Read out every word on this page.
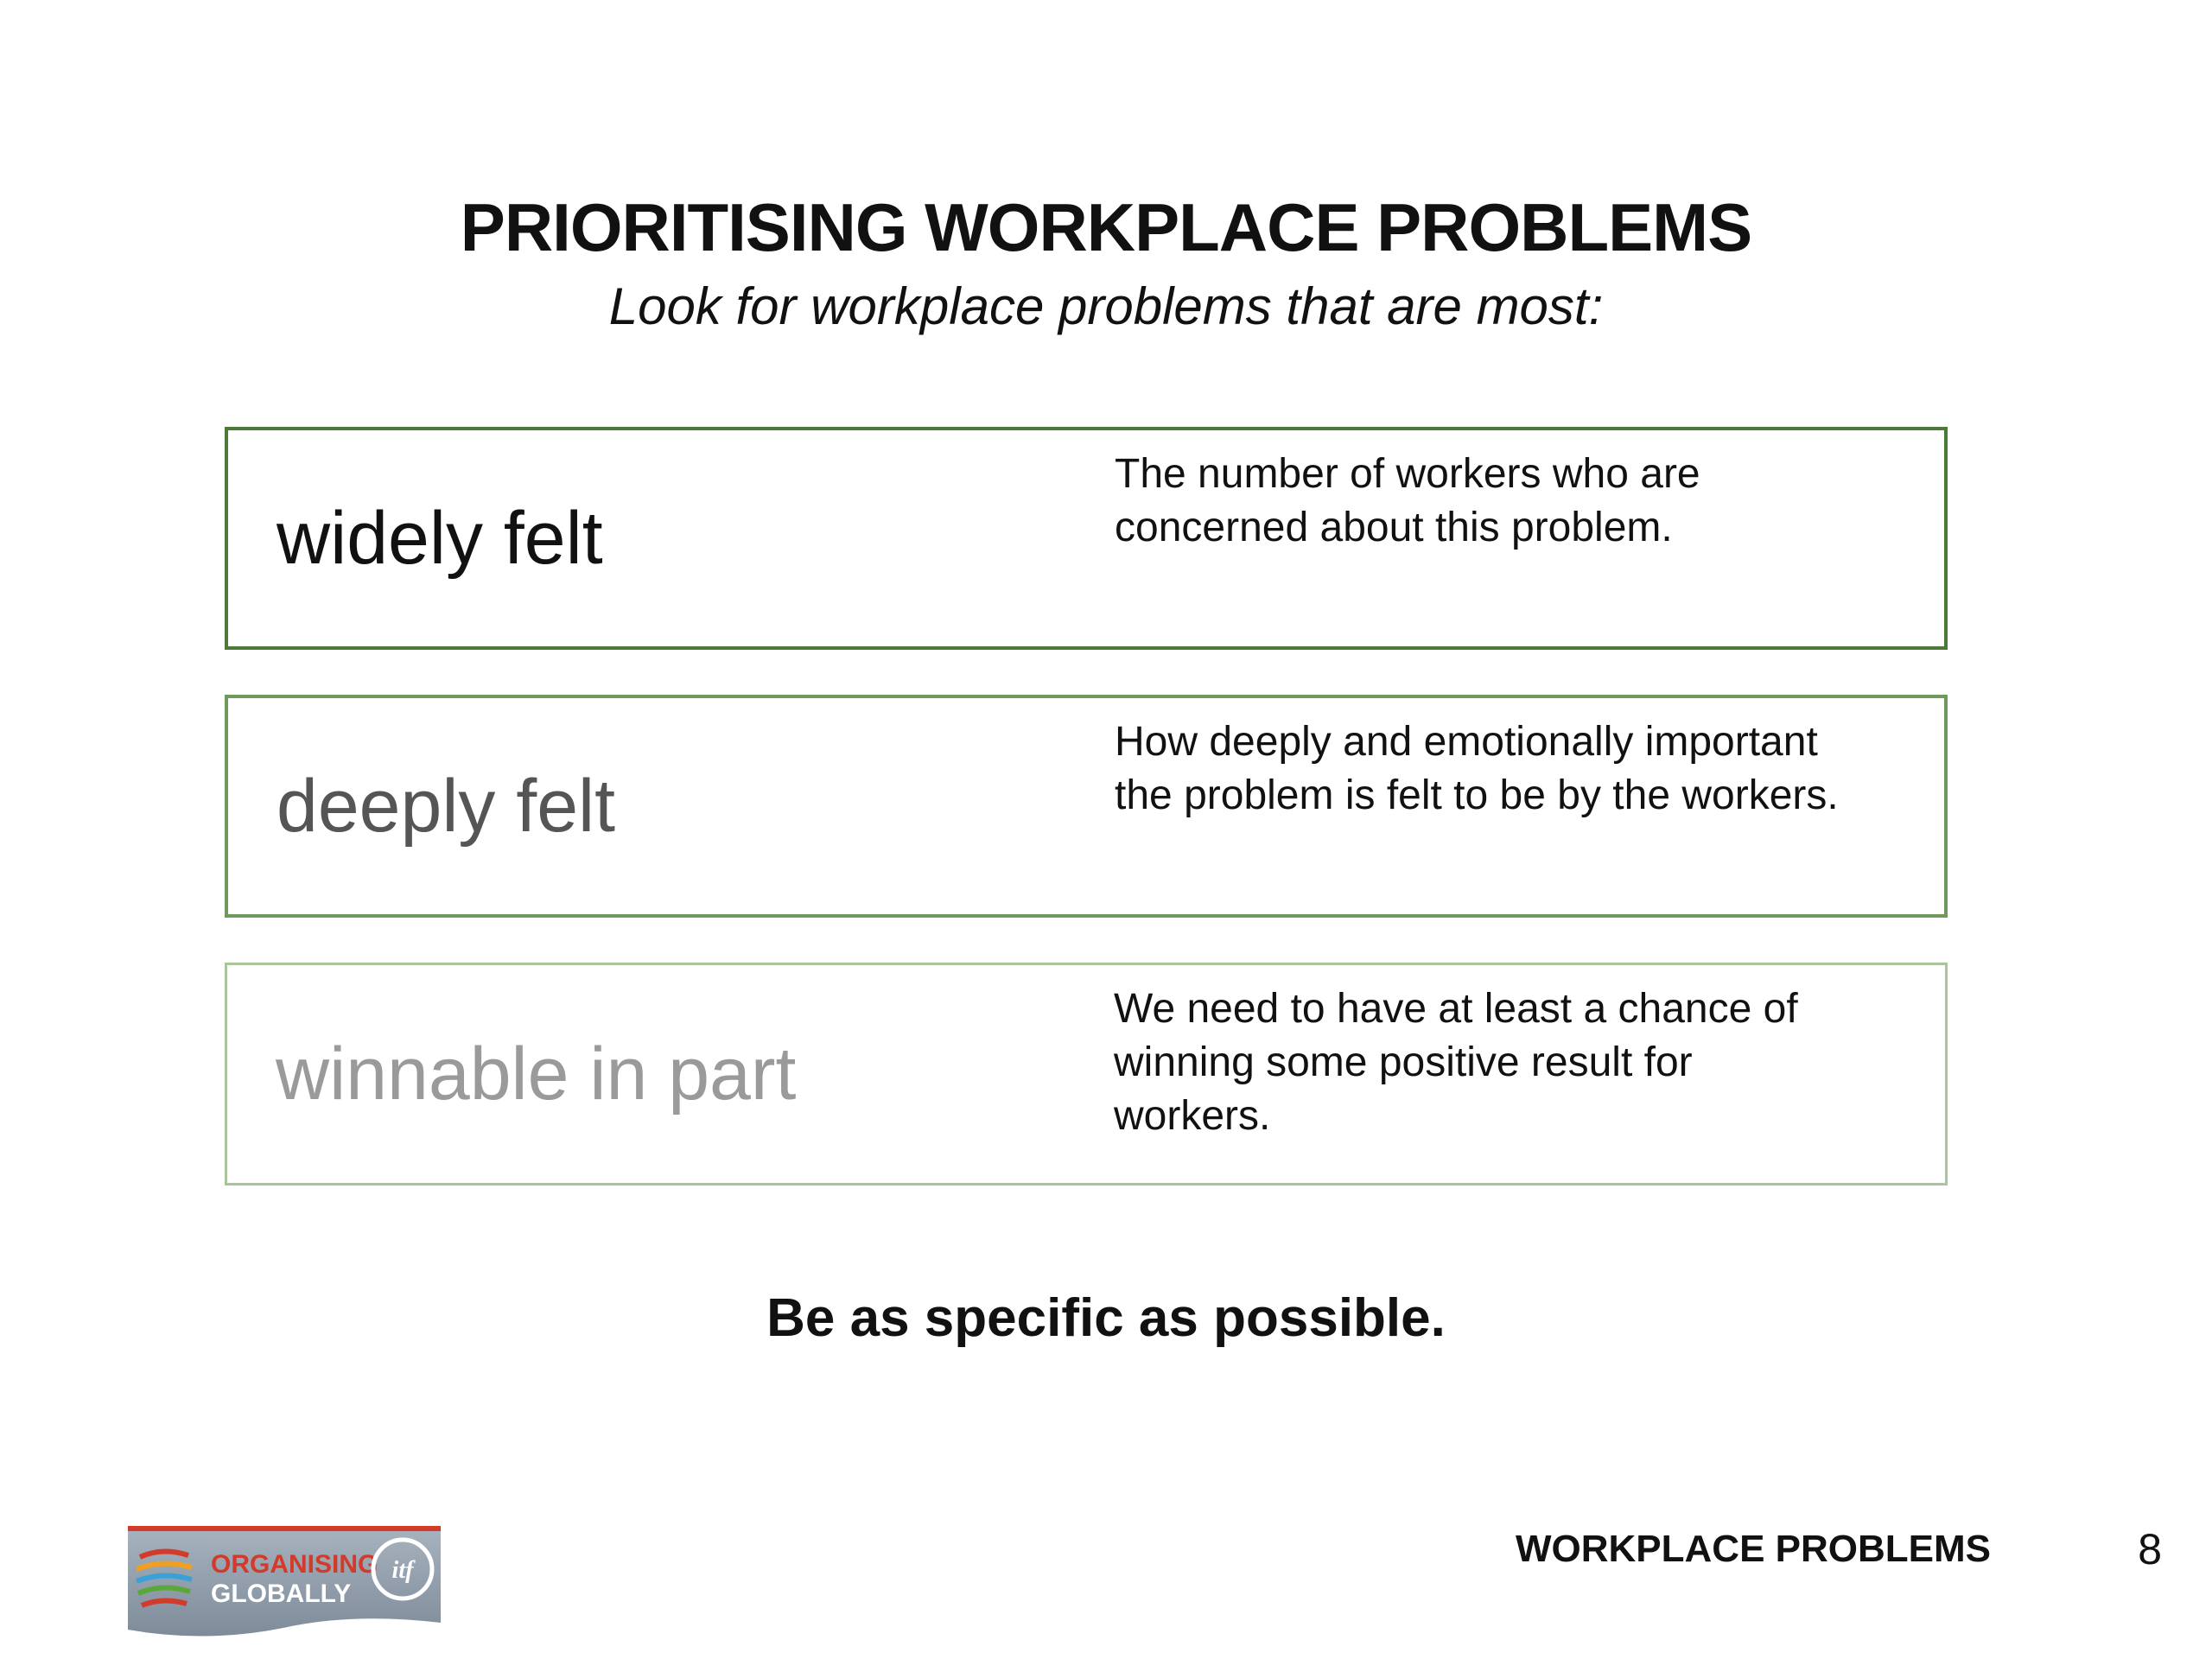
PRIORITISING WORKPLACE PROBLEMS
Look for workplace problems that are most:
widely felt
The number of workers who are concerned about this problem.
deeply felt
How deeply and emotionally important the problem is felt to be by the workers.
winnable in part
We need to have at least a chance of winning some positive result for workers.
Be as specific as possible.
ORGANISING
GLOBALLY
itf
WORKPLACE PROBLEMS	8
